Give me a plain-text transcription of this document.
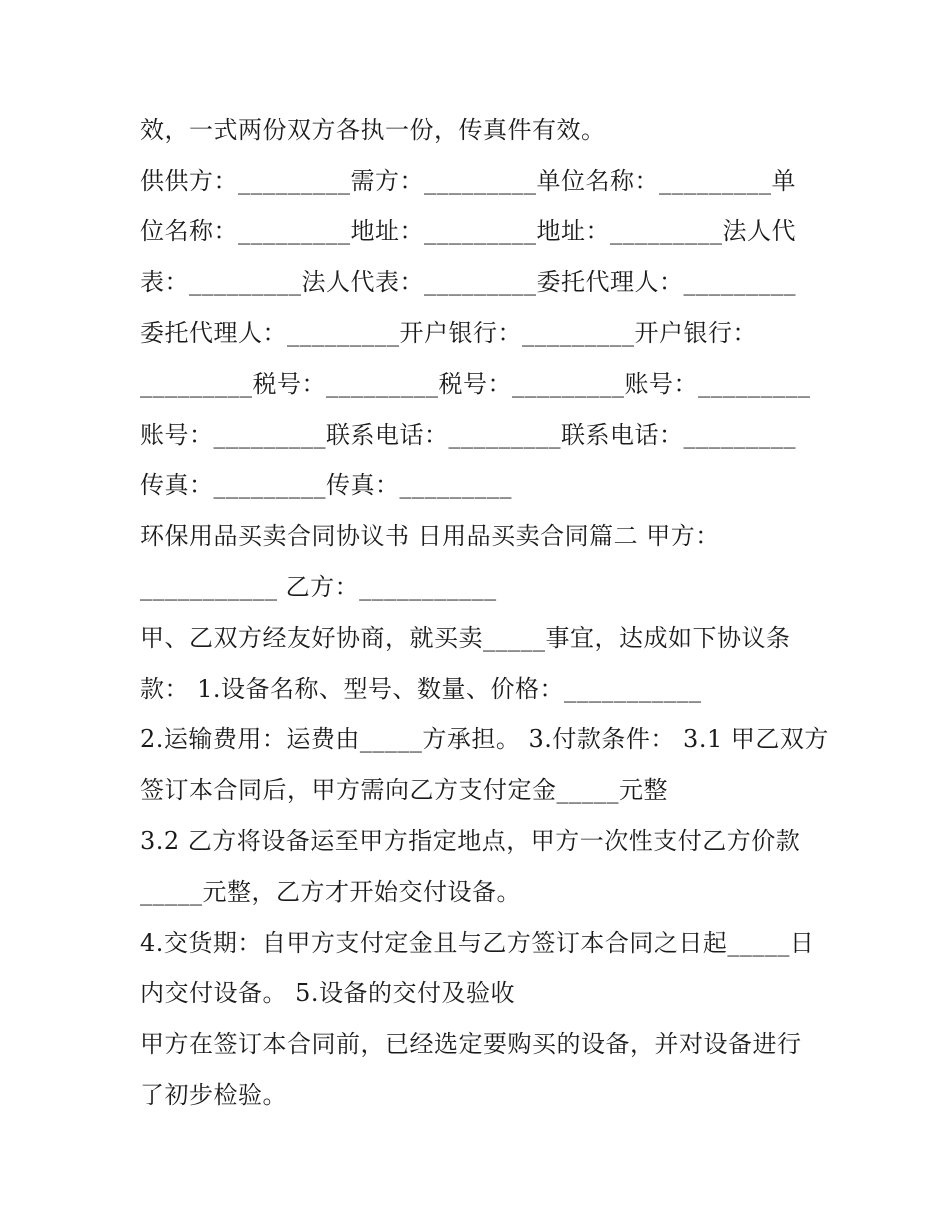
效，一式两份双方各执一份，传真件有效。
供供方：_________需方：_________单位名称：_________单
位名称：_________地址：_________地址：_________法人代
表：_________法人代表：_________委托代理人：_________
委托代理人：_________开户银行：_________开户银行：
_________税号：_________税号：_________账号：_________
账号：_________联系电话：_________联系电话：_________
传真：_________传真：_________
环保用品买卖合同协议书 日用品买卖合同篇二 甲方：
___________ 乙方：___________
甲、乙双方经友好协商，就买卖_____事宜，达成如下协议条
款： 1.设备名称、型号、数量、价格：___________
2.运输费用：运费由_____方承担。 3.付款条件： 3.1 甲乙双方
签订本合同后，甲方需向乙方支付定金_____元整
3.2 乙方将设备运至甲方指定地点，甲方一次性支付乙方价款
_____元整，乙方才开始交付设备。
4.交货期：自甲方支付定金且与乙方签订本合同之日起_____日
内交付设备。 5.设备的交付及验收
甲方在签订本合同前，已经选定要购买的设备，并对设备进行
了初步检验。
